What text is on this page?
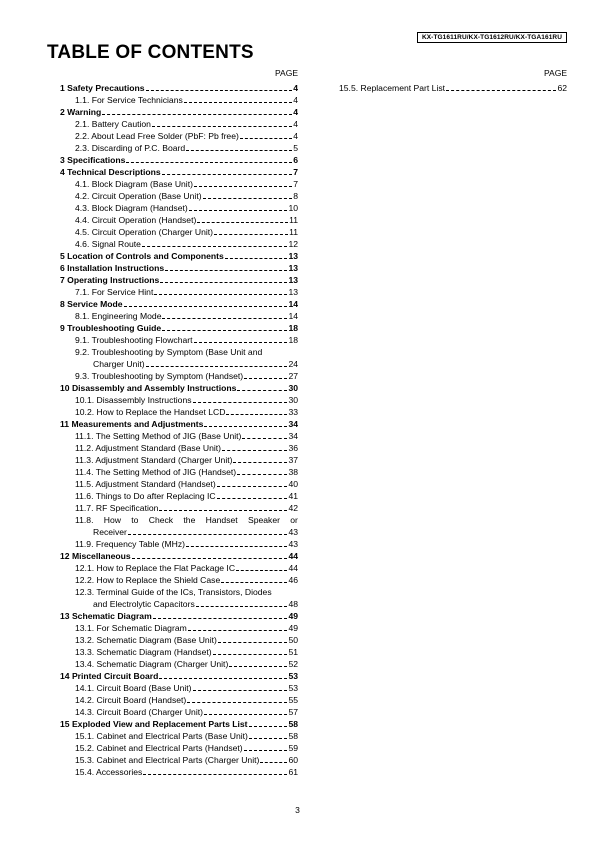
KX-TG1611RU/KX-TG1612RU/KX-TGA161RU
TABLE OF CONTENTS
PAGE
1 Safety Precautions	4
1.1. For Service Technicians	4
2 Warning	4
2.1. Battery Caution	4
2.2. About Lead Free Solder (PbF: Pb free)	4
2.3. Discarding of P.C. Board	5
3 Specifications	6
4 Technical Descriptions	7
4.1. Block Diagram (Base Unit)	7
4.2. Circuit Operation (Base Unit)	8
4.3. Block Diagram (Handset)	10
4.4. Circuit Operation (Handset)	11
4.5. Circuit Operation (Charger Unit)	11
4.6. Signal Route	12
5 Location of Controls and Components	13
6 Installation Instructions	13
7 Operating Instructions	13
7.1. For Service Hint	13
8 Service Mode	14
8.1. Engineering Mode	14
9 Troubleshooting Guide	18
9.1. Troubleshooting Flowchart	18
9.2. Troubleshooting by Symptom (Base Unit and
Charger Unit)	24
9.3. Troubleshooting by Symptom (Handset)	27
10 Disassembly and Assembly Instructions	30
10.1. Disassembly Instructions	30
10.2. How to Replace the Handset LCD	33
11 Measurements and Adjustments	34
11.1. The Setting Method of JIG (Base Unit)	34
11.2. Adjustment Standard (Base Unit)	36
11.3. Adjustment Standard (Charger Unit)	37
11.4. The Setting Method of JIG (Handset)	38
11.5. Adjustment Standard (Handset)	40
11.6. Things to Do after Replacing IC	41
11.7. RF Specification	42
11.8. How to Check the Handset Speaker or
Receiver	43
11.9. Frequency Table (MHz)	43
12 Miscellaneous	44
12.1. How to Replace the Flat Package IC	44
12.2. How to Replace the Shield Case	46
12.3. Terminal Guide of the ICs, Transistors, Diodes
and Electrolytic Capacitors	48
13 Schematic Diagram	49
13.1. For Schematic Diagram	49
13.2. Schematic Diagram (Base Unit)	50
13.3. Schematic Diagram (Handset)	51
13.4. Schematic Diagram (Charger Unit)	52
14 Printed Circuit Board	53
14.1. Circuit Board (Base Unit)	53
14.2. Circuit Board (Handset)	55
14.3. Circuit Board (Charger Unit)	57
15 Exploded View and Replacement Parts List	58
15.1. Cabinet and Electrical Parts (Base Unit)	58
15.2. Cabinet and Electrical Parts (Handset)	59
15.3. Cabinet and Electrical Parts (Charger Unit)	60
15.4. Accessories	61
PAGE
15.5. Replacement Part List	62
3
